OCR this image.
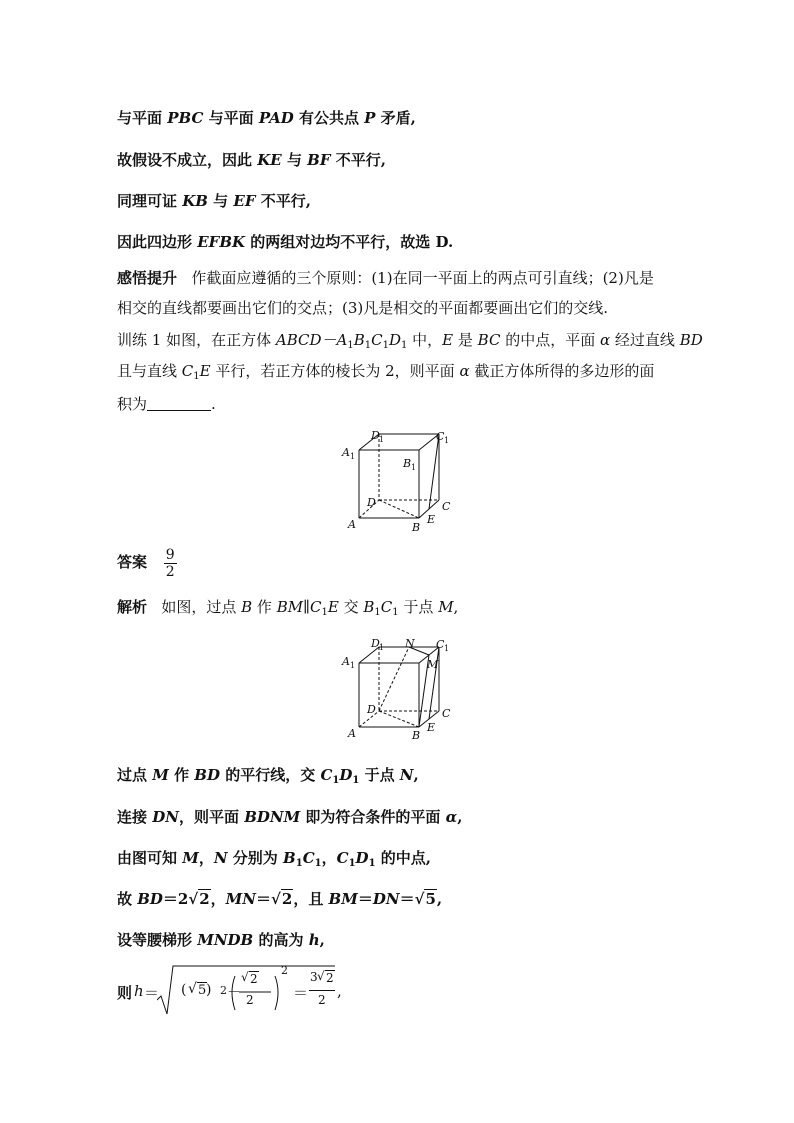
与平面 PBC 与平面 PAD 有公共点 P 矛盾,
故假设不成立，因此 KE 与 BF 不平行,
同理可证 KB 与 EF 不平行,
因此四边形 EFBK 的两组对边均不平行，故选 D.
感悟提升 作截面应遵循的三个原则：(1)在同一平面上的两点可引直线；(2)凡是
相交的直线都要画出它们的交点；(3)凡是相交的平面都要画出它们的交线.
训练 1 如图，在正方体 $ABCD-A_1B_1C_1D_1$ 中，E 是 BC 的中点，平面 α 经过直线 BD
且与直线 $C_1E$ 平行，若正方体的棱长为 2，则平面 α 截正方体所得的多边形的面
积为	.
A 1
D 1	C 1
B 1
D	C
A	B
E
答案 $\frac{9}{2}$
解析 如图，过点 B 作 $BM\parallel C_1E$ 交 $B_1C_1$ 于点 M,
A 1
D 1 N C 1
M
D	C
A	B
E
过点 M 作 BD 的平行线，交 $C_1D_1$ 于点 N,
连接 DN，则平面 BDNM 即为符合条件的平面 α,
由图可知 M，N 分别为 $B_1C_1$，$C_1D_1$ 的中点,
故 BD＝2√2，MN＝√2，且 BM＝DN＝√5,
设等腰梯形 MNDB 的高为 h,
则 h ＝ ( √ 5 ) 2 －
√ 2
2
2
＝
3 √ 2
2 ,
